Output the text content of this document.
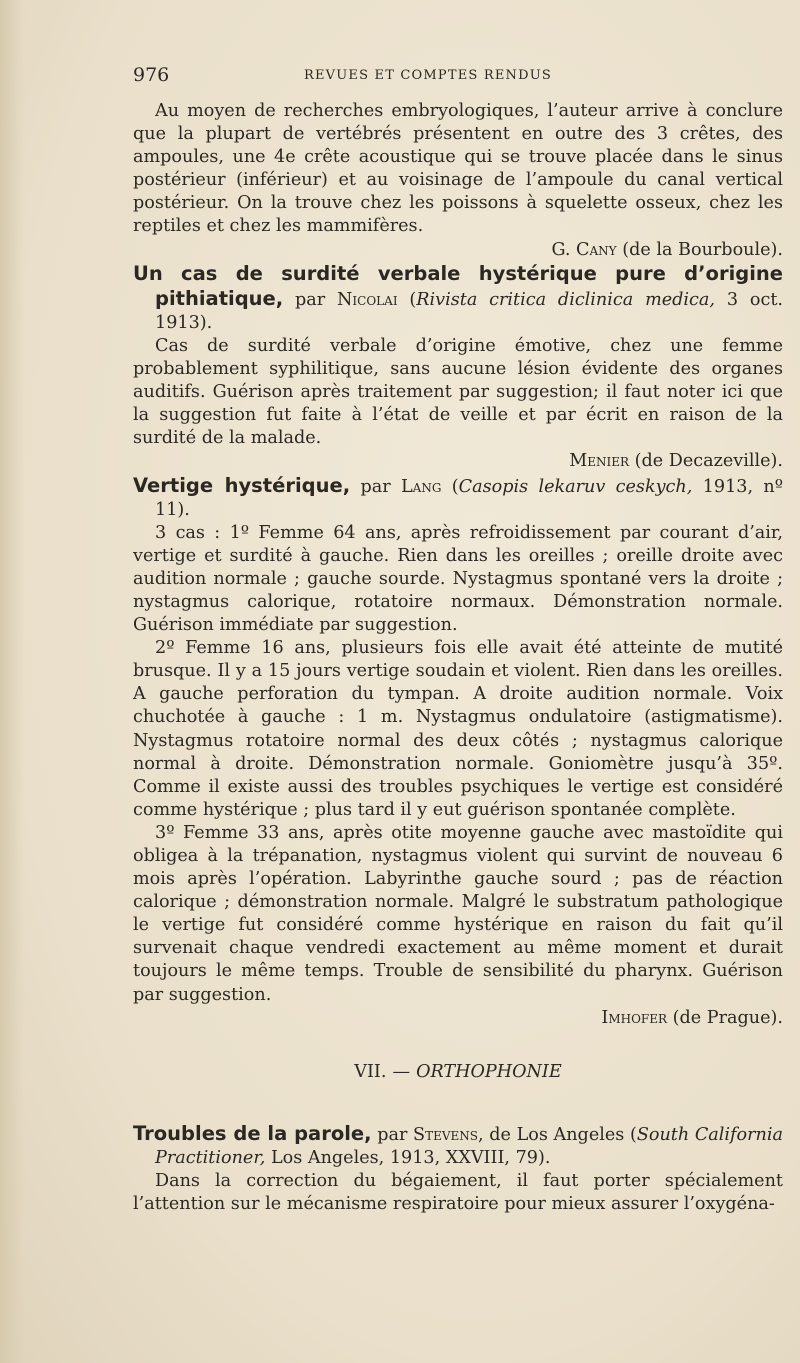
976	REVUES ET COMPTES RENDUS

Au moyen de recherches embryologiques, l’auteur arrive à conclure que la plupart de vertébrés présentent en outre des 3 crêtes, des ampoules, une 4e crête acoustique qui se trouve placée dans le sinus postérieur (inférieur) et au voisinage de l’ampoule du canal vertical postérieur. On la trouve chez les poissons à squelette osseux, chez les reptiles et chez les mammifères.

G. Cany (de la Bourboule).

Un cas de surdité verbale hystérique pure d’origine pithiatique, par Nicolai (Rivista critica diclinica medica, 3 oct. 1913).

Cas de surdité verbale d’origine émotive, chez une femme probablement syphilitique, sans aucune lésion évidente des organes auditifs. Guérison après traitement par suggestion; il faut noter ici que la suggestion fut faite à l’état de veille et par écrit en raison de la surdité de la malade.

Menier (de Decazeville).

Vertige hystérique, par Lang (Casopis lekaruv ceskych, 1913, nº 11).

3 cas : 1º Femme 64 ans, après refroidissement par courant d’air, vertige et surdité à gauche. Rien dans les oreilles ; oreille droite avec audition normale ; gauche sourde. Nystagmus spontané vers la droite ; nystagmus calorique, rotatoire normaux. Démonstration normale. Guérison immédiate par suggestion.

2º Femme 16 ans, plusieurs fois elle avait été atteinte de mutité brusque. Il y a 15 jours vertige soudain et violent. Rien dans les oreilles. A gauche perforation du tympan. A droite audition normale. Voix chuchotée à gauche : 1 m. Nystagmus ondulatoire (astigmatisme). Nystagmus rotatoire normal des deux côtés ; nystagmus calorique normal à droite. Démonstration normale. Goniomètre jusqu’à 35º. Comme il existe aussi des troubles psychiques le vertige est considéré comme hystérique ; plus tard il y eut guérison spontanée complète.

3º Femme 33 ans, après otite moyenne gauche avec mastoïdite qui obligea à la trépanation, nystagmus violent qui survint de nouveau 6 mois après l’opération. Labyrinthe gauche sourd ; pas de réaction calorique ; démonstration normale. Malgré le substratum pathologique le vertige fut considéré comme hystérique en raison du fait qu’il survenait chaque vendredi exactement au même moment et durait toujours le même temps. Trouble de sensibilité du pharynx. Guérison par suggestion.

Imhofer (de Prague).

VII. — ORTHOPHONIE

Troubles de la parole, par Stevens, de Los Angeles (South California Practitioner, Los Angeles, 1913, XXVIII, 79).

Dans la correction du bégaiement, il faut porter spécialement l’attention sur le mécanisme respiratoire pour mieux assurer l’oxygéna-
